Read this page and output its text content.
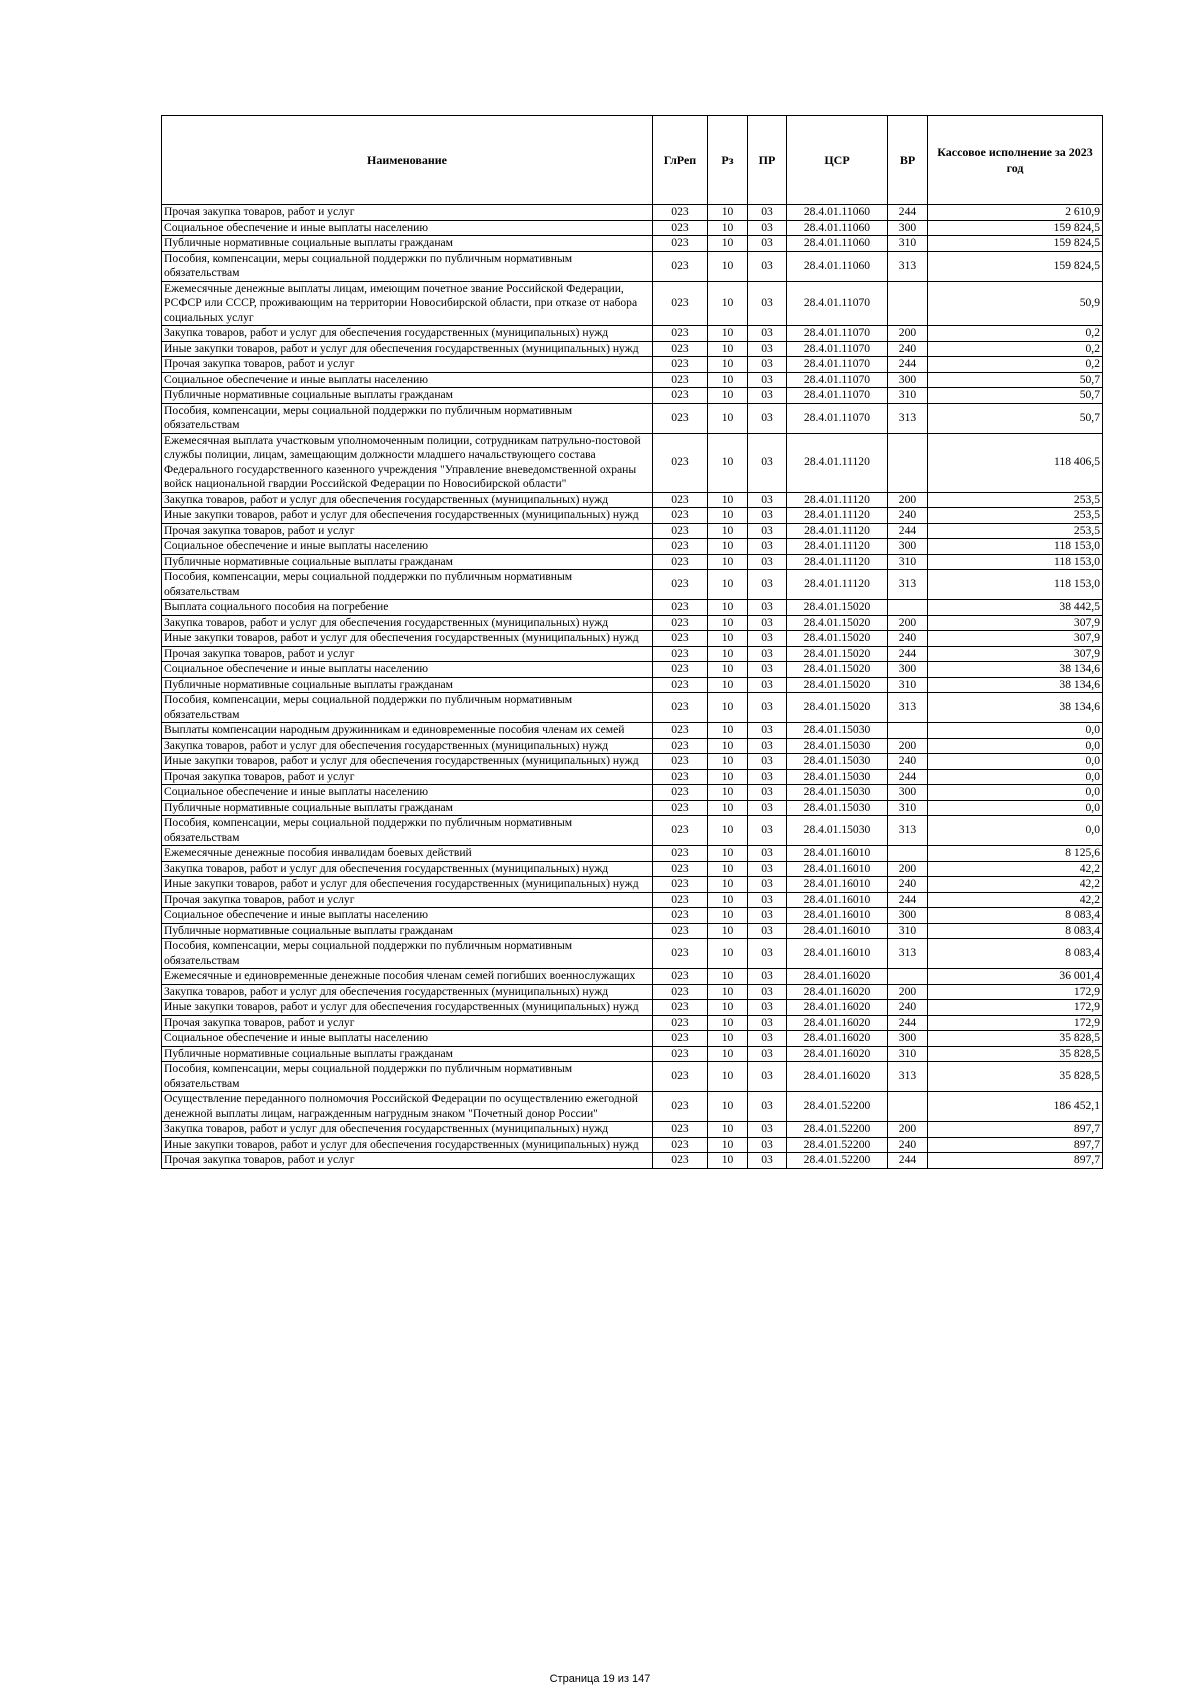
Наименование	ГлРеп	Рз	ПР	ЦСР	ВР	Кассовое исполнение за 2023 год
Прочая закупка товаров, работ и услуг	023	10	03	28.4.01.11060	244	2 610,9
Социальное обеспечение и иные выплаты населению	023	10	03	28.4.01.11060	300	159 824,5
Публичные нормативные социальные выплаты гражданам	023	10	03	28.4.01.11060	310	159 824,5
Пособия, компенсации, меры социальной поддержки по публичным нормативным обязательствам	023	10	03	28.4.01.11060	313	159 824,5
Ежемесячные денежные выплаты лицам, имеющим почетное звание Российской Федерации, РСФСР или СССР, проживающим на территории Новосибирской области, при отказе от набора социальных услуг	023	10	03	28.4.01.11070		50,9
Закупка товаров, работ и услуг для обеспечения государственных (муниципальных) нужд	023	10	03	28.4.01.11070	200	0,2
Иные закупки товаров, работ и услуг для обеспечения государственных (муниципальных) нужд	023	10	03	28.4.01.11070	240	0,2
Прочая закупка товаров, работ и услуг	023	10	03	28.4.01.11070	244	0,2
Социальное обеспечение и иные выплаты населению	023	10	03	28.4.01.11070	300	50,7
Публичные нормативные социальные выплаты гражданам	023	10	03	28.4.01.11070	310	50,7
Пособия, компенсации, меры социальной поддержки по публичным нормативным обязательствам	023	10	03	28.4.01.11070	313	50,7
Ежемесячная выплата участковым уполномоченным полиции, сотрудникам патрульно-постовой службы полиции, лицам, замещающим должности младшего начальствующего состава Федерального государственного казенного учреждения "Управление вневедомственной охраны войск национальной гвардии Российской Федерации по Новосибирской области"	023	10	03	28.4.01.11120		118 406,5
Закупка товаров, работ и услуг для обеспечения государственных (муниципальных) нужд	023	10	03	28.4.01.11120	200	253,5
Иные закупки товаров, работ и услуг для обеспечения государственных (муниципальных) нужд	023	10	03	28.4.01.11120	240	253,5
Прочая закупка товаров, работ и услуг	023	10	03	28.4.01.11120	244	253,5
Социальное обеспечение и иные выплаты населению	023	10	03	28.4.01.11120	300	118 153,0
Публичные нормативные социальные выплаты гражданам	023	10	03	28.4.01.11120	310	118 153,0
Пособия, компенсации, меры социальной поддержки по публичным нормативным обязательствам	023	10	03	28.4.01.11120	313	118 153,0
Выплата социального пособия на погребение	023	10	03	28.4.01.15020		38 442,5
Закупка товаров, работ и услуг для обеспечения государственных (муниципальных) нужд	023	10	03	28.4.01.15020	200	307,9
Иные закупки товаров, работ и услуг для обеспечения государственных (муниципальных) нужд	023	10	03	28.4.01.15020	240	307,9
Прочая закупка товаров, работ и услуг	023	10	03	28.4.01.15020	244	307,9
Социальное обеспечение и иные выплаты населению	023	10	03	28.4.01.15020	300	38 134,6
Публичные нормативные социальные выплаты гражданам	023	10	03	28.4.01.15020	310	38 134,6
Пособия, компенсации, меры социальной поддержки по публичным нормативным обязательствам	023	10	03	28.4.01.15020	313	38 134,6
Выплаты компенсации народным дружинникам и единовременные пособия членам их семей	023	10	03	28.4.01.15030		0,0
Закупка товаров, работ и услуг для обеспечения государственных (муниципальных) нужд	023	10	03	28.4.01.15030	200	0,0
Иные закупки товаров, работ и услуг для обеспечения государственных (муниципальных) нужд	023	10	03	28.4.01.15030	240	0,0
Прочая закупка товаров, работ и услуг	023	10	03	28.4.01.15030	244	0,0
Социальное обеспечение и иные выплаты населению	023	10	03	28.4.01.15030	300	0,0
Публичные нормативные социальные выплаты гражданам	023	10	03	28.4.01.15030	310	0,0
Пособия, компенсации, меры социальной поддержки по публичным нормативным обязательствам	023	10	03	28.4.01.15030	313	0,0
Ежемесячные денежные пособия инвалидам боевых действий	023	10	03	28.4.01.16010		8 125,6
Закупка товаров, работ и услуг для обеспечения государственных (муниципальных) нужд	023	10	03	28.4.01.16010	200	42,2
Иные закупки товаров, работ и услуг для обеспечения государственных (муниципальных) нужд	023	10	03	28.4.01.16010	240	42,2
Прочая закупка товаров, работ и услуг	023	10	03	28.4.01.16010	244	42,2
Социальное обеспечение и иные выплаты населению	023	10	03	28.4.01.16010	300	8 083,4
Публичные нормативные социальные выплаты гражданам	023	10	03	28.4.01.16010	310	8 083,4
Пособия, компенсации, меры социальной поддержки по публичным нормативным обязательствам	023	10	03	28.4.01.16010	313	8 083,4
Ежемесячные и единовременные денежные пособия членам семей погибших военнослужащих	023	10	03	28.4.01.16020		36 001,4
Закупка товаров, работ и услуг для обеспечения государственных (муниципальных) нужд	023	10	03	28.4.01.16020	200	172,9
Иные закупки товаров, работ и услуг для обеспечения государственных (муниципальных) нужд	023	10	03	28.4.01.16020	240	172,9
Прочая закупка товаров, работ и услуг	023	10	03	28.4.01.16020	244	172,9
Социальное обеспечение и иные выплаты населению	023	10	03	28.4.01.16020	300	35 828,5
Публичные нормативные социальные выплаты гражданам	023	10	03	28.4.01.16020	310	35 828,5
Пособия, компенсации, меры социальной поддержки по публичным нормативным обязательствам	023	10	03	28.4.01.16020	313	35 828,5
Осуществление переданного полномочия Российской Федерации по осуществлению ежегодной денежной выплаты лицам, награжденным нагрудным знаком "Почетный донор России"	023	10	03	28.4.01.52200		186 452,1
Закупка товаров, работ и услуг для обеспечения государственных (муниципальных) нужд	023	10	03	28.4.01.52200	200	897,7
Иные закупки товаров, работ и услуг для обеспечения государственных (муниципальных) нужд	023	10	03	28.4.01.52200	240	897,7
Прочая закупка товаров, работ и услуг	023	10	03	28.4.01.52200	244	897,7
Страница 19 из 147
